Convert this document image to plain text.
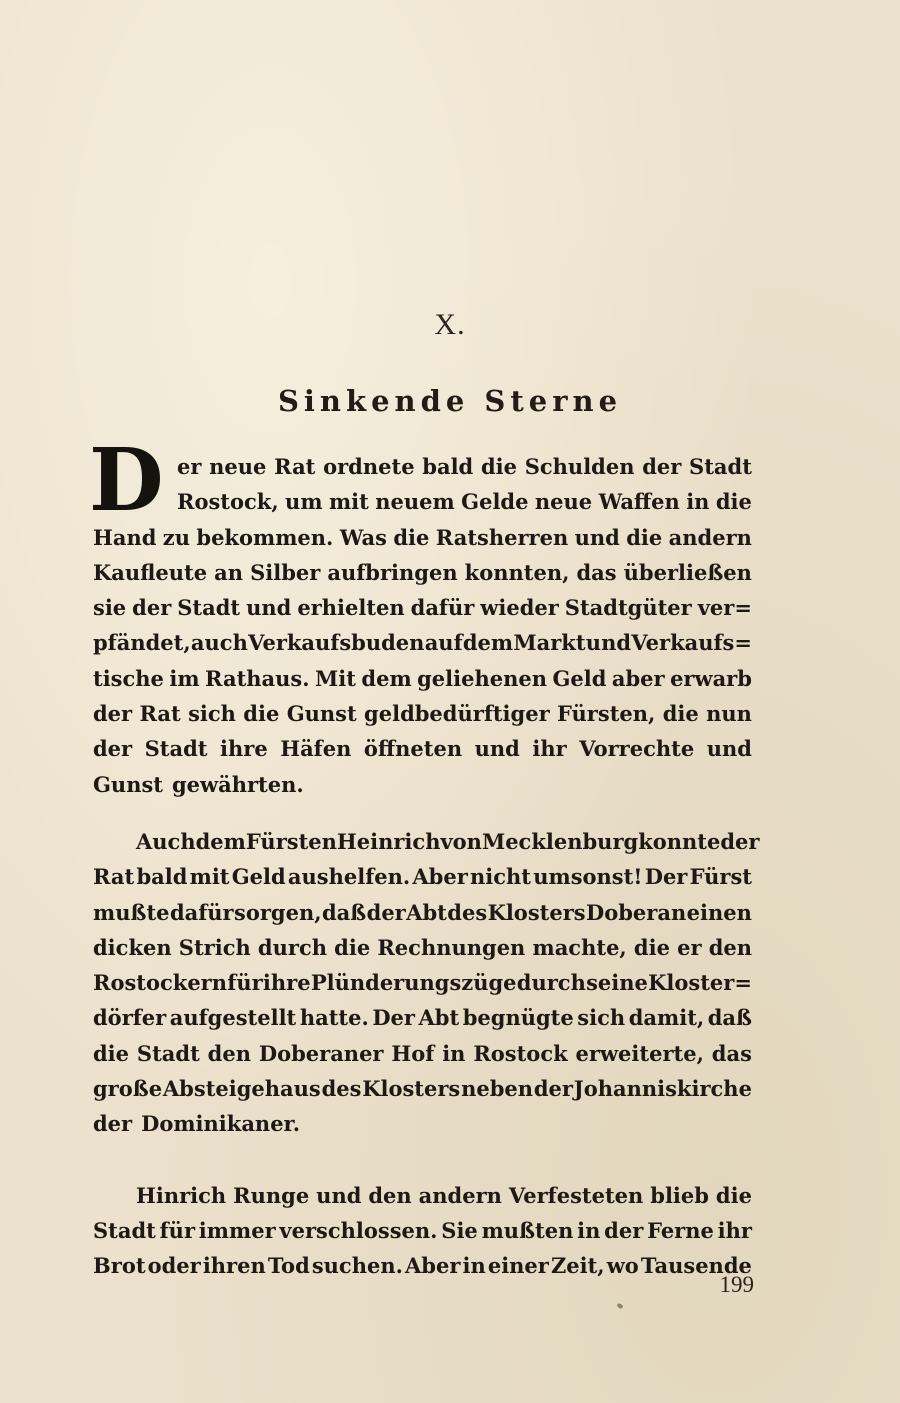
X.
Sinkende Sterne
D er neue Rat ordnete bald die Schulden der Stadt
Rostock, um mit neuem Gelde neue Waffen in die
Hand zu bekommen. Was die Ratsherren und die andern
Kaufleute an Silber aufbringen konnten, das überließen
sie der Stadt und erhielten dafür wieder Stadtgüter ver=
pfändet, auch Verkaufsbuden auf dem Markt und Verkaufs=
tische im Rathaus. Mit dem geliehenen Geld aber erwarb
der Rat sich die Gunst geldbedürftiger Fürsten, die nun
der Stadt ihre Häfen öffneten und ihr Vorrechte und
Gunst gewährten.
Auch dem Fürsten Heinrich von Mecklenburg konnte der
Rat bald mit Geld aushelfen. Aber nicht umsonst! Der Fürst
mußte dafür sorgen, daß der Abt des Klosters Doberan einen
dicken Strich durch die Rechnungen machte, die er den
Rostockern für ihre Plünderungszüge durch seine Kloster=
dörfer aufgestellt hatte. Der Abt begnügte sich damit, daß
die Stadt den Doberaner Hof in Rostock erweiterte, das
große Absteigehaus des Klosters neben der Johanniskirche
der Dominikaner.
Hinrich Runge und den andern Verfesteten blieb die
Stadt für immer verschlossen. Sie mußten in der Ferne ihr
Brot oder ihren Tod suchen. Aber in einer Zeit, wo Tausende
199
